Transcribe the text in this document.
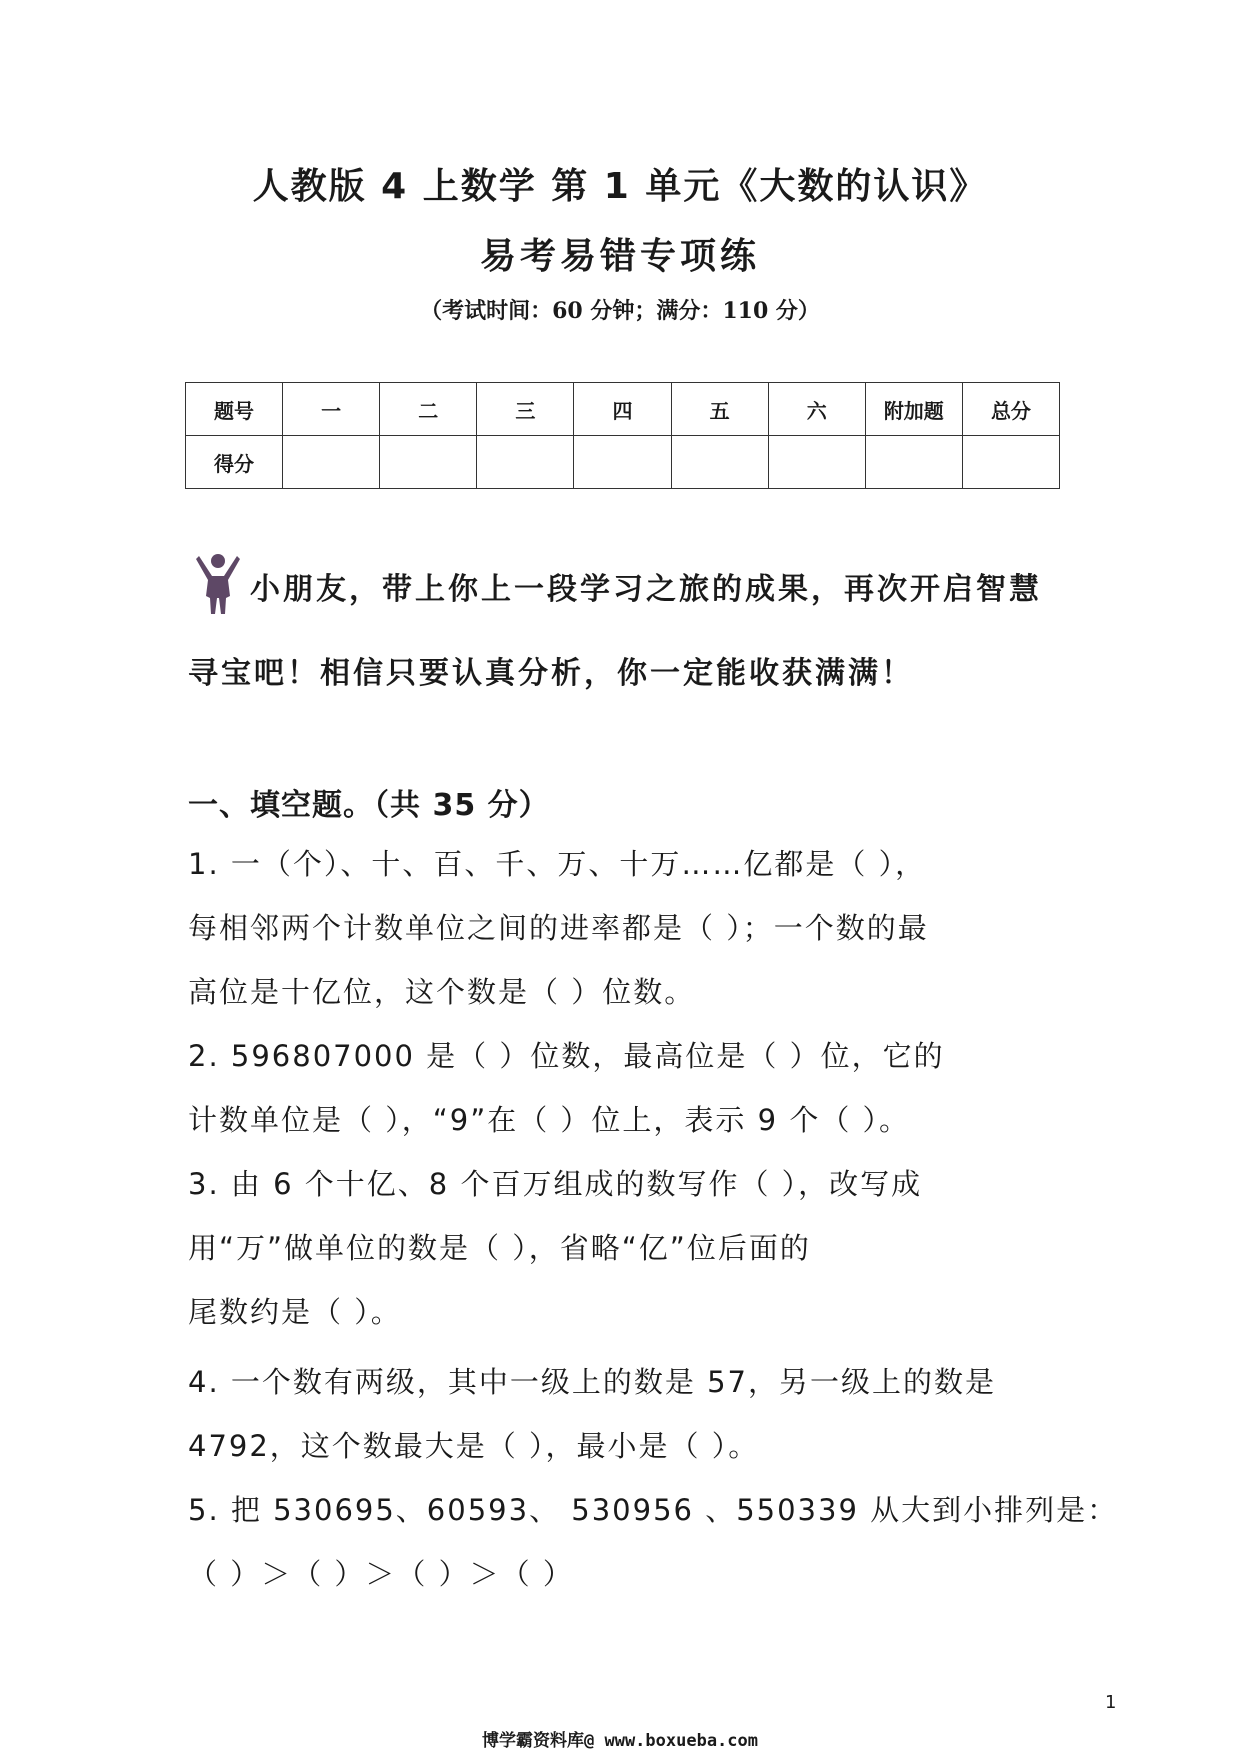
人教版 4 上数学 第 1 单元《大数的认识》
易考易错专项练
（考试时间：60 分钟；满分：110 分）
题号	一	二	三	四	五	六	附加题	总分
得分								
小朋友，带上你上一段学习之旅的成果，再次开启智慧
寻宝吧！相信只要认真分析，你一定能收获满满！
一、填空题。（共 35 分）
1. 一（个）、十、百、千、万、十万……亿都是（ ），
每相邻两个计数单位之间的进率都是（ ）；一个数的最
高位是十亿位，这个数是（ ）位数。
2. 596807000 是（ ）位数，最高位是（ ）位，它的
计数单位是（ ），“9”在（ ）位上，表示 9 个（ ）。
3. 由 6 个十亿、8 个百万组成的数写作（ ），改写成
用“万”做单位的数是（ ），省略“亿”位后面的
尾数约是（ ）。
4. 一个数有两级，其中一级上的数是 57，另一级上的数是
4792，这个数最大是（ ），最小是（ ）。
5. 把 530695、60593、 530956 、550339 从大到小排列是：
（ ）＞（ ）＞（ ）＞（ ）
1
博学霸资料库@ www.boxueba.com
